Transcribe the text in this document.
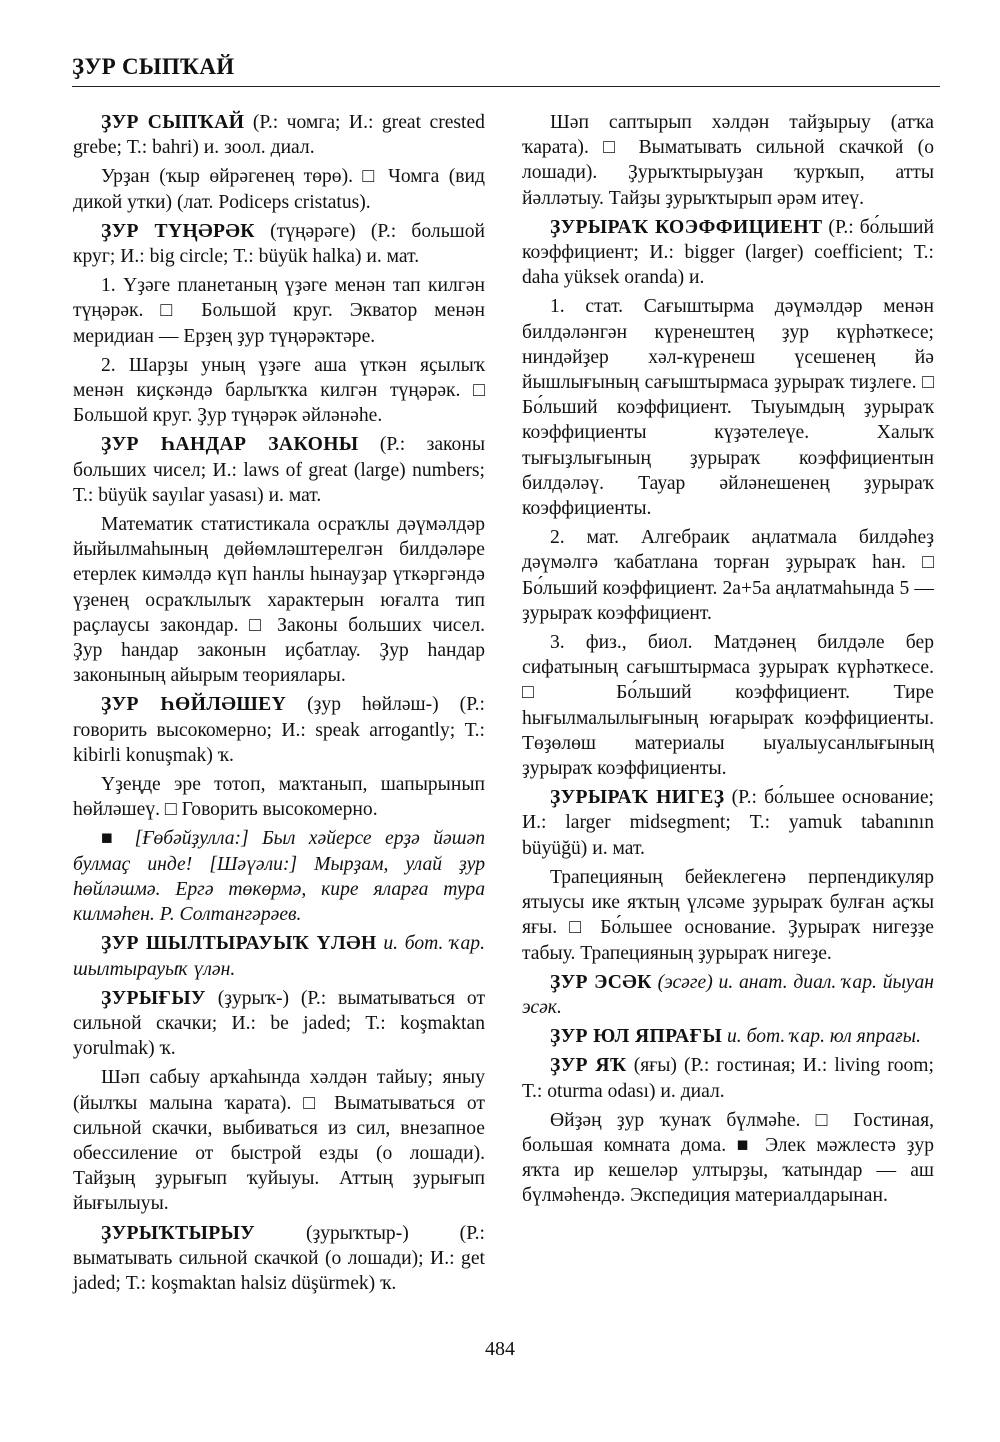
ҘУР СЫПҠАЙ

ҘУР СЫПҠАЙ (Р.: чомга; И.: great crested grebe; Т.: bahri) и. зоол. диал.

Урҙан (ҡыр өйрәгенең төрө). □ Чомга (вид дикой утки) (лат. Podiceps cristatus).

ҘУР ТҮҢӘРӘК (түңәрәге) (Р.: большой круг; И.: big circle; Т.: büyük halka) и. мат.

1. Үҙәге планетаның үҙәге менән тап килгән түңәрәк. □ Большой круг. Экватор менән меридиан — Ерҙең ҙур түңәрәктәре.

2. Шарҙы уның үҙәге аша үткән яҫылыҡ менән киҫкәндә барлыҡҡа килгән түңәрәк. □ Большой круг. Ҙур түңәрәк әйләнәһе.

ҘУР ҺАНДАР ЗАКОНЫ (Р.: законы больших чисел; И.: laws of great (large) numbers; Т.: büyük sayılar yasası) и. мат.

Математик статистикала осраҡлы дәүмәлдәр йыйылмаһының дөйөмләштерелгән билдәләре етерлек кимәлдә күп һанлы һынауҙар үткәргәндә үҙенең осраҡлылыҡ характерын юғалта тип раҫлаусы закондар. □ Законы больших чисел. Ҙур һандар законын иҫбатлау. Ҙур һандар законының айырым теориялары.

ҘУР ҺӨЙЛӘШЕҮ (ҙур һөйләш-) (Р.: говорить высокомерно; И.: speak arrogantly; Т.: kibirli konuşmak) ҡ.

Үҙеңде эре тотоп, маҡтанып, шапырынып һөйләшеү. □ Говорить высокомерно.

■ [Ғөбәйҙулла:] Был хәйерсе ерҙә йәшәп булмаҫ инде! [Шәүәли:] Мырҙам, улай ҙур һөйләшмә. Ергә төкөрмә, кире яларға тура килмәһен. Р. Солтангәрәев.

ҘУР ШЫЛТЫРАУЫҠ ҮЛӘН и. бот. ҡар. шылтырауыҡ үлән.

ҘУРЫҒЫУ (ҙурыҡ-) (Р.: выматываться от сильной скачки; И.: be jaded; Т.: koşmaktan yorulmak) ҡ.

Шәп сабыу арҡаһында хәлдән тайыу; яныу (йылҡы малына ҡарата). □ Выматываться от сильной скачки, выбиваться из сил, внезапное обессиление от быстрой езды (о лошади). Тайҙың ҙурығып ҡуйыуы. Аттың ҙурығып йығылыуы.

ҘУРЫҠТЫРЫУ	(ҙурыҡтыр-) (Р.: выматывать сильной скачкой (о лошади); И.: get jaded; Т.: koşmaktan halsiz düşürmek) ҡ.

Шәп саптырып хәлдән тайҙырыу (атҡа ҡарата). □ Выматывать сильной скачкой (о лошади). Ҙурыҡтырыуҙан ҡурҡып, атты йәлләтыу. Тайҙы ҙурыҡтырып әрәм итеү.

ҘУРЫРАҠ КОЭФФИЦИЕНТ (Р.: бо́льший коэффициент; И.: bigger (larger) coefficient; Т.: daha yüksek oranda) и.

1. стат. Сағыштырма дәүмәлдәр менән билдәләнгән күренештең ҙур күрһәткесе; ниндәйҙер хәл-күренеш үсешенең йә йышлығының сағыштырмаса ҙурыраҡ тиҙлеге. □ Бо́льший коэффициент. Тыуымдың ҙурыраҡ коэффициенты күҙәтелеүе. Халыҡ тығыҙлығының ҙурыраҡ коэффициентын билдәләү. Тауар әйләнешенең ҙурыраҡ коэффициенты.

2. мат. Алгебраик аңлатмала билдәһеҙ дәүмәлгә ҡабатлана торған ҙурыраҡ һан. □ Бо́льший коэффициент. 2а+5а аңлатмаһында 5 — ҙурыраҡ коэффициент.

3. физ., биол. Матдәнең билдәле бер сифатының сағыштырмаса ҙурыраҡ күрһәткесе. □ Бо́льший коэффициент. Тире һығылмалылығының юғарыраҡ коэффициенты. Төҙөлөш материалы ыуалыусанлығының ҙурыраҡ коэффициенты.

ҘУРЫРАҠ НИГЕҘ (Р.: бо́льшее основание; И.: larger midsegment; Т.: yamuk tabanının büyüğü) и. мат.

Трапецияның бейеклегенә перпендикуляр ятыусы ике яҡтың үлсәме ҙурыраҡ булған аҫҡы яғы. □ Бо́льшее основание. Ҙурыраҡ нигеҙҙе табыу. Трапецияның ҙурыраҡ нигеҙе.

ҘУР ЭСӘК (эсәге) и. анат. диал. ҡар. йыуан эсәк.

ҘУР ЮЛ ЯПРАҒЫ и. бот. ҡар. юл япрағы.

ҘУР ЯҠ (яғы) (Р.: гостиная; И.: living room; Т.: oturma odası) и. диал.

Өйҙәң ҙур ҡунаҡ бүлмәһе. □ Гостиная, большая комната дома. ■ Элек мәжлестә ҙур яҡта ир кешеләр ултырҙы, ҡатындар — аш бүлмәһендә. Экспедиция материалдарынан.

484
